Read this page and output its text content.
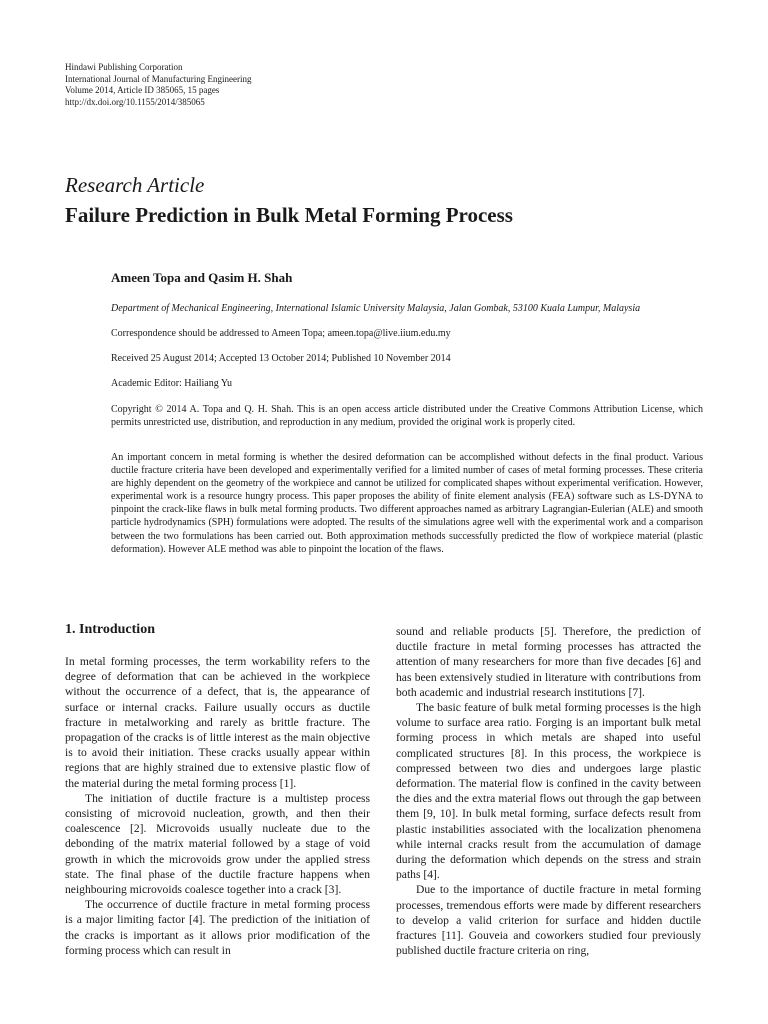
Hindawi Publishing Corporation
International Journal of Manufacturing Engineering
Volume 2014, Article ID 385065, 15 pages
http://dx.doi.org/10.1155/2014/385065
Research Article
Failure Prediction in Bulk Metal Forming Process
Ameen Topa and Qasim H. Shah
Department of Mechanical Engineering, International Islamic University Malaysia, Jalan Gombak, 53100 Kuala Lumpur, Malaysia
Correspondence should be addressed to Ameen Topa; ameen.topa@live.iium.edu.my
Received 25 August 2014; Accepted 13 October 2014; Published 10 November 2014
Academic Editor: Hailiang Yu
Copyright © 2014 A. Topa and Q. H. Shah. This is an open access article distributed under the Creative Commons Attribution License, which permits unrestricted use, distribution, and reproduction in any medium, provided the original work is properly cited.

An important concern in metal forming is whether the desired deformation can be accomplished without defects in the final product. Various ductile fracture criteria have been developed and experimentally verified for a limited number of cases of metal forming processes. These criteria are highly dependent on the geometry of the workpiece and cannot be utilized for complicated shapes without experimental verification. However, experimental work is a resource hungry process. This paper proposes the ability of finite element analysis (FEA) software such as LS-DYNA to pinpoint the crack-like flaws in bulk metal forming products. Two different approaches named as arbitrary Lagrangian-Eulerian (ALE) and smooth particle hydrodynamics (SPH) formulations were adopted. The results of the simulations agree well with the experimental work and a comparison between the two formulations has been carried out. Both approximation methods successfully predicted the flow of workpiece material (plastic deformation). However ALE method was able to pinpoint the location of the flaws.

1. Introduction

In metal forming processes, the term workability refers to the degree of deformation that can be achieved in the workpiece without the occurrence of a defect, that is, the appearance of surface or internal cracks. Failure usually occurs as ductile fracture in metalworking and rarely as brittle fracture. The propagation of the cracks is of little interest as the main objective is to avoid their initiation. These cracks usually appear within regions that are highly strained due to extensive plastic flow of the material during the metal forming process [1].

The initiation of ductile fracture is a multistep process consisting of microvoid nucleation, growth, and then their coalescence [2]. Microvoids usually nucleate due to the debonding of the matrix material followed by a stage of void growth in which the microvoids grow under the applied stress state. The final phase of the ductile fracture happens when neighbouring microvoids coalesce together into a crack [3].

The occurrence of ductile fracture in metal forming process is a major limiting factor [4]. The prediction of the initiation of the cracks is important as it allows prior modification of the forming process which can result in

sound and reliable products [5]. Therefore, the prediction of ductile fracture in metal forming processes has attracted the attention of many researchers for more than five decades [6] and has been extensively studied in literature with contributions from both academic and industrial research institutions [7].

The basic feature of bulk metal forming processes is the high volume to surface area ratio. Forging is an important bulk metal forming process in which metals are shaped into useful complicated structures [8]. In this process, the workpiece is compressed between two dies and undergoes large plastic deformation. The material flow is confined in the cavity between the dies and the extra material flows out through the gap between them [9, 10]. In bulk metal forming, surface defects result from plastic instabilities associated with the localization phenomena while internal cracks result from the accumulation of damage during the deformation which depends on the stress and strain paths [4].

Due to the importance of ductile fracture in metal forming processes, tremendous efforts were made by different researchers to develop a valid criterion for surface and hidden ductile fractures [11]. Gouveia and coworkers studied four previously published ductile fracture criteria on ring,
